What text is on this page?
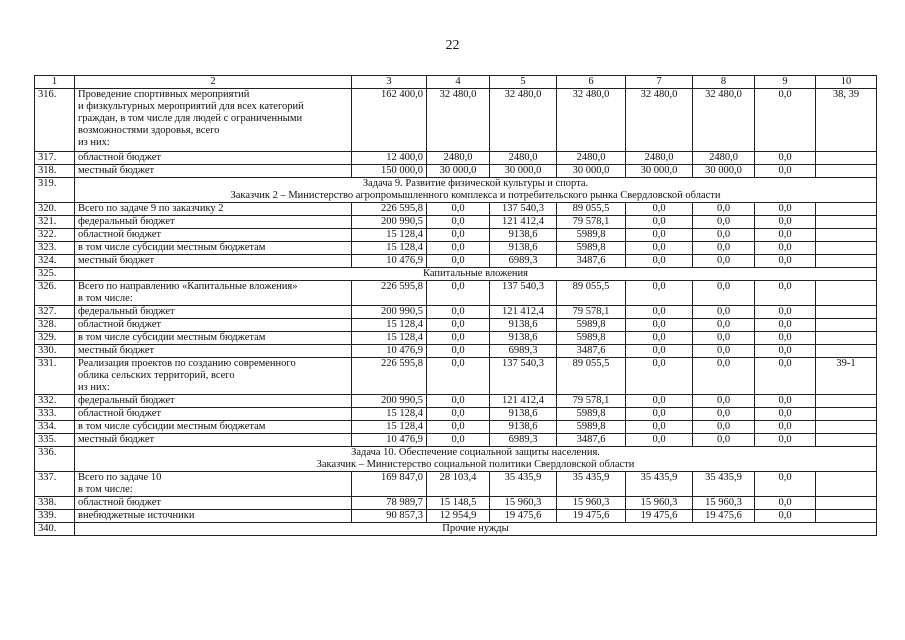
22
1	2	3	4	5	6	7	8	9	10
316.	Проведение спортивных мероприятий
и физкультурных мероприятий для всех категорий
граждан, в том числе для людей с ограниченными
возможностями здоровья, всего
из них:	162 400,0	32 480,0	32 480,0	32 480,0	32 480,0	32 480,0	0,0	38, 39
317.	областной бюджет	12 400,0	2480,0	2480,0	2480,0	2480,0	2480,0	0,0	
318.	местный бюджет	150 000,0	30 000,0	30 000,0	30 000,0	30 000,0	30 000,0	0,0	
319.	Задача 9. Развитие физической культуры и спорта.
Заказчик 2 – Министерство агропромышленного комплекса и потребительского рынка Свердловской области								
320.	Всего по задаче 9 по заказчику 2	226 595,8	0,0	137 540,3	89 055,5	0,0	0,0	0,0	
321.	федеральный бюджет	200 990,5	0,0	121 412,4	79 578,1	0,0	0,0	0,0	
322.	областной бюджет	15 128,4	0,0	9138,6	5989,8	0,0	0,0	0,0	
323.	в том числе субсидии местным бюджетам	15 128,4	0,0	9138,6	5989,8	0,0	0,0	0,0	
324.	местный бюджет	10 476,9	0,0	6989,3	3487,6	0,0	0,0	0,0	
325.	Капитальные вложения								
326.	Всего по направлению «Капитальные вложения»
в том числе:	226 595,8	0,0	137 540,3	89 055,5	0,0	0,0	0,0	
327.	федеральный бюджет	200 990,5	0,0	121 412,4	79 578,1	0,0	0,0	0,0	
328.	областной бюджет	15 128,4	0,0	9138,6	5989,8	0,0	0,0	0,0	
329.	в том числе субсидии местным бюджетам	15 128,4	0,0	9138,6	5989,8	0,0	0,0	0,0	
330.	местный бюджет	10 476,9	0,0	6989,3	3487,6	0,0	0,0	0,0	
331.	Реализация проектов по созданию современного
облика сельских территорий, всего
из них:	226 595,8	0,0	137 540,3	89 055,5	0,0	0,0	0,0	39-1
332.	федеральный бюджет	200 990,5	0,0	121 412,4	79 578,1	0,0	0,0	0,0	
333.	областной бюджет	15 128,4	0,0	9138,6	5989,8	0,0	0,0	0,0	
334.	в том числе субсидии местным бюджетам	15 128,4	0,0	9138,6	5989,8	0,0	0,0	0,0	
335.	местный бюджет	10 476,9	0,0	6989,3	3487,6	0,0	0,0	0,0	
336.	Задача 10. Обеспечение социальной защиты населения.
Заказчик – Министерство социальной политики Свердловской области								
337.	Всего по задаче 10
в том числе:	169 847,0	28 103,4	35 435,9	35 435,9	35 435,9	35 435,9	0,0	
338.	областной бюджет	78 989,7	15 148,5	15 960,3	15 960,3	15 960,3	15 960,3	0,0	
339.	внебюджетные источники	90 857,3	12 954,9	19 475,6	19 475,6	19 475,6	19 475,6	0,0	
340.	Прочие нужды								
